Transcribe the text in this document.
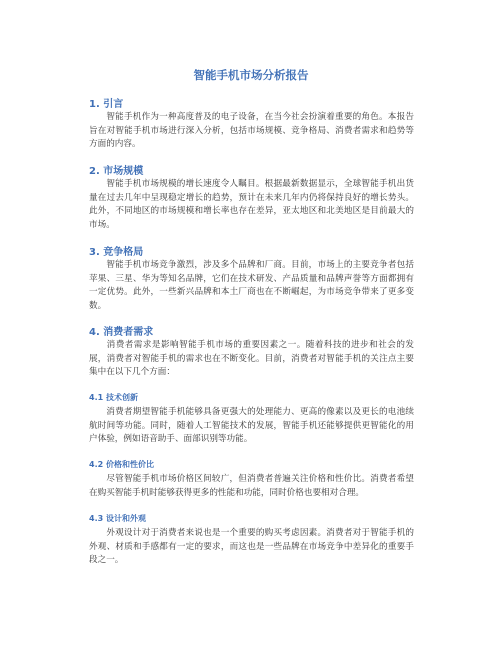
智能手机市场分析报告
1. 引言
智能手机作为一种高度普及的电子设备，在当今社会扮演着重要的角色。本报告旨在对智能手机市场进行深入分析，包括市场规模、竞争格局、消费者需求和趋势等方面的内容。
2. 市场规模
智能手机市场规模的增长速度令人瞩目。根据最新数据显示，全球智能手机出货量在过去几年中呈现稳定增长的趋势，预计在未来几年内仍将保持良好的增长势头。此外，不同地区的市场规模和增长率也存在差异，亚太地区和北美地区是目前最大的市场。
3. 竞争格局
智能手机市场竞争激烈，涉及多个品牌和厂商。目前，市场上的主要竞争者包括苹果、三星、华为等知名品牌，它们在技术研发、产品质量和品牌声誉等方面都拥有一定优势。此外，一些新兴品牌和本土厂商也在不断崛起，为市场竞争带来了更多变数。
4. 消费者需求
消费者需求是影响智能手机市场的重要因素之一。随着科技的进步和社会的发展，消费者对智能手机的需求也在不断变化。目前，消费者对智能手机的关注点主要集中在以下几个方面：
4.1 技术创新
消费者期望智能手机能够具备更强大的处理能力、更高的像素以及更长的电池续航时间等功能。同时，随着人工智能技术的发展，智能手机还能够提供更智能化的用户体验，例如语音助手、面部识别等功能。
4.2 价格和性价比
尽管智能手机市场价格区间较广，但消费者普遍关注价格和性价比。消费者希望在购买智能手机时能够获得更多的性能和功能，同时价格也要相对合理。
4.3 设计和外观
外观设计对于消费者来说也是一个重要的购买考虑因素。消费者对于智能手机的外观、材质和手感都有一定的要求，而这也是一些品牌在市场竞争中差异化的重要手段之一。
